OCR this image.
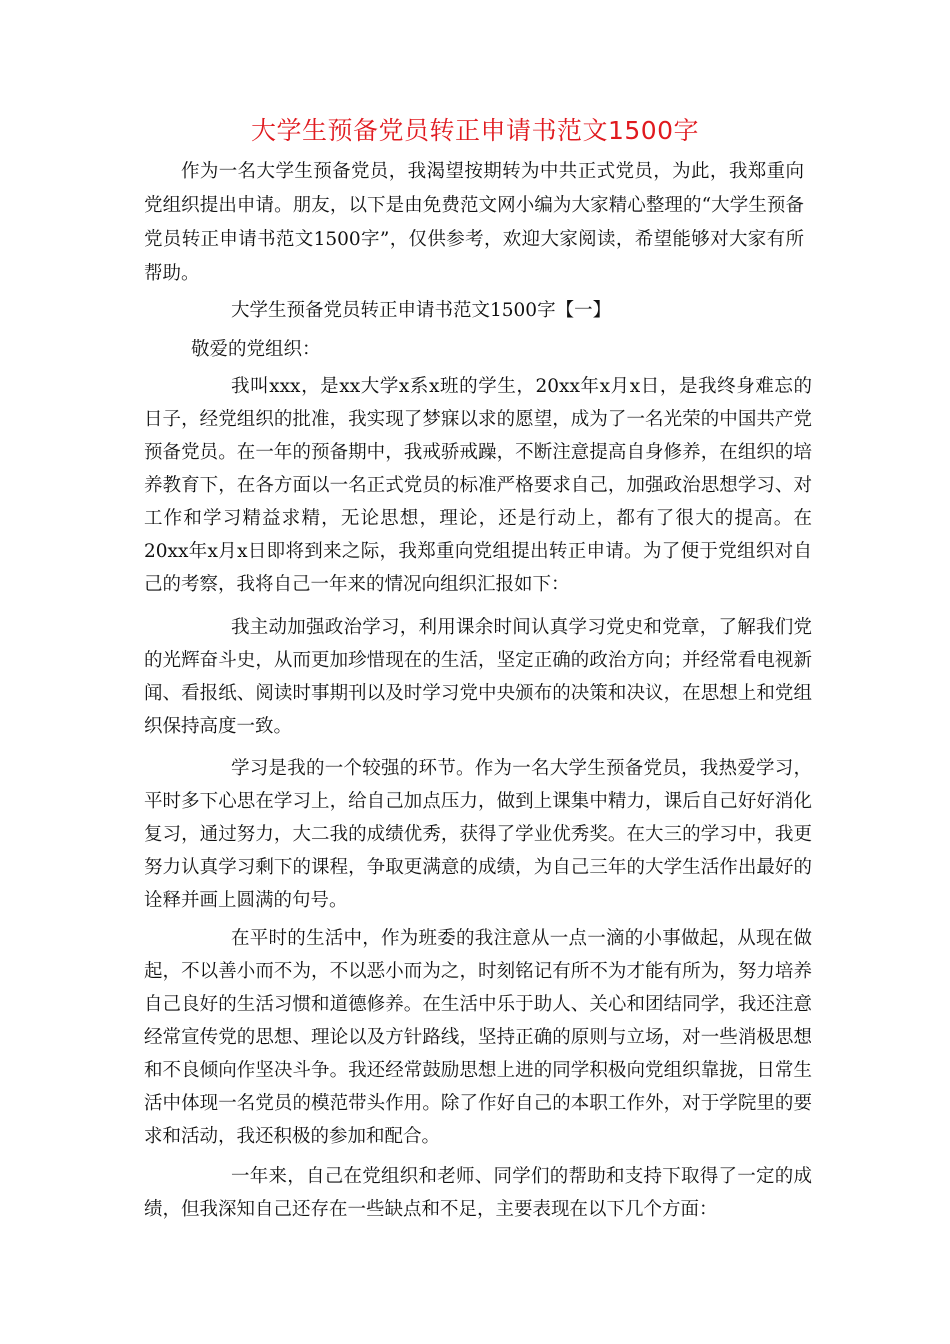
大学生预备党员转正申请书范文1500字
作为一名大学生预备党员，我渴望按期转为中共正式党员，为此，我郑重向党组织提出申请。朋友，以下是由免费范文网小编为大家精心整理的“大学生预备党员转正申请书范文1500字”，仅供参考，欢迎大家阅读，希望能够对大家有所帮助。
大学生预备党员转正申请书范文1500字【一】
敬爱的党组织：
我叫xxx，是xx大学x系x班的学生，20xx年x月x日，是我终身难忘的日子，经党组织的批准，我实现了梦寐以求的愿望，成为了一名光荣的中国共产党预备党员。在一年的预备期中，我戒骄戒躁，不断注意提高自身修养，在组织的培养教育下，在各方面以一名正式党员的标准严格要求自己，加强政治思想学习、对工作和学习精益求精，无论思想，理论，还是行动上，都有了很大的提高。在20xx年x月x日即将到来之际，我郑重向党组提出转正申请。为了便于党组织对自己的考察，我将自己一年来的情况向组织汇报如下：
我主动加强政治学习，利用课余时间认真学习党史和党章，了解我们党的光辉奋斗史，从而更加珍惜现在的生活，坚定正确的政治方向；并经常看电视新闻、看报纸、阅读时事期刊以及时学习党中央颁布的决策和决议，在思想上和党组织保持高度一致。
学习是我的一个较强的环节。作为一名大学生预备党员，我热爱学习，平时多下心思在学习上，给自己加点压力，做到上课集中精力，课后自己好好消化复习，通过努力，大二我的成绩优秀，获得了学业优秀奖。在大三的学习中，我更努力认真学习剩下的课程，争取更满意的成绩，为自己三年的大学生活作出最好的诠释并画上圆满的句号。
在平时的生活中，作为班委的我注意从一点一滴的小事做起，从现在做起，不以善小而不为，不以恶小而为之，时刻铭记有所不为才能有所为，努力培养自己良好的生活习惯和道德修养。在生活中乐于助人、关心和团结同学，我还注意经常宣传党的思想、理论以及方针路线，坚持正确的原则与立场，对一些消极思想和不良倾向作坚决斗争。我还经常鼓励思想上进的同学积极向党组织靠拢，日常生活中体现一名党员的模范带头作用。除了作好自己的本职工作外，对于学院里的要求和活动，我还积极的参加和配合。
一年来，自己在党组织和老师、同学们的帮助和支持下取得了一定的成绩，但我深知自己还存在一些缺点和不足，主要表现在以下几个方面：
